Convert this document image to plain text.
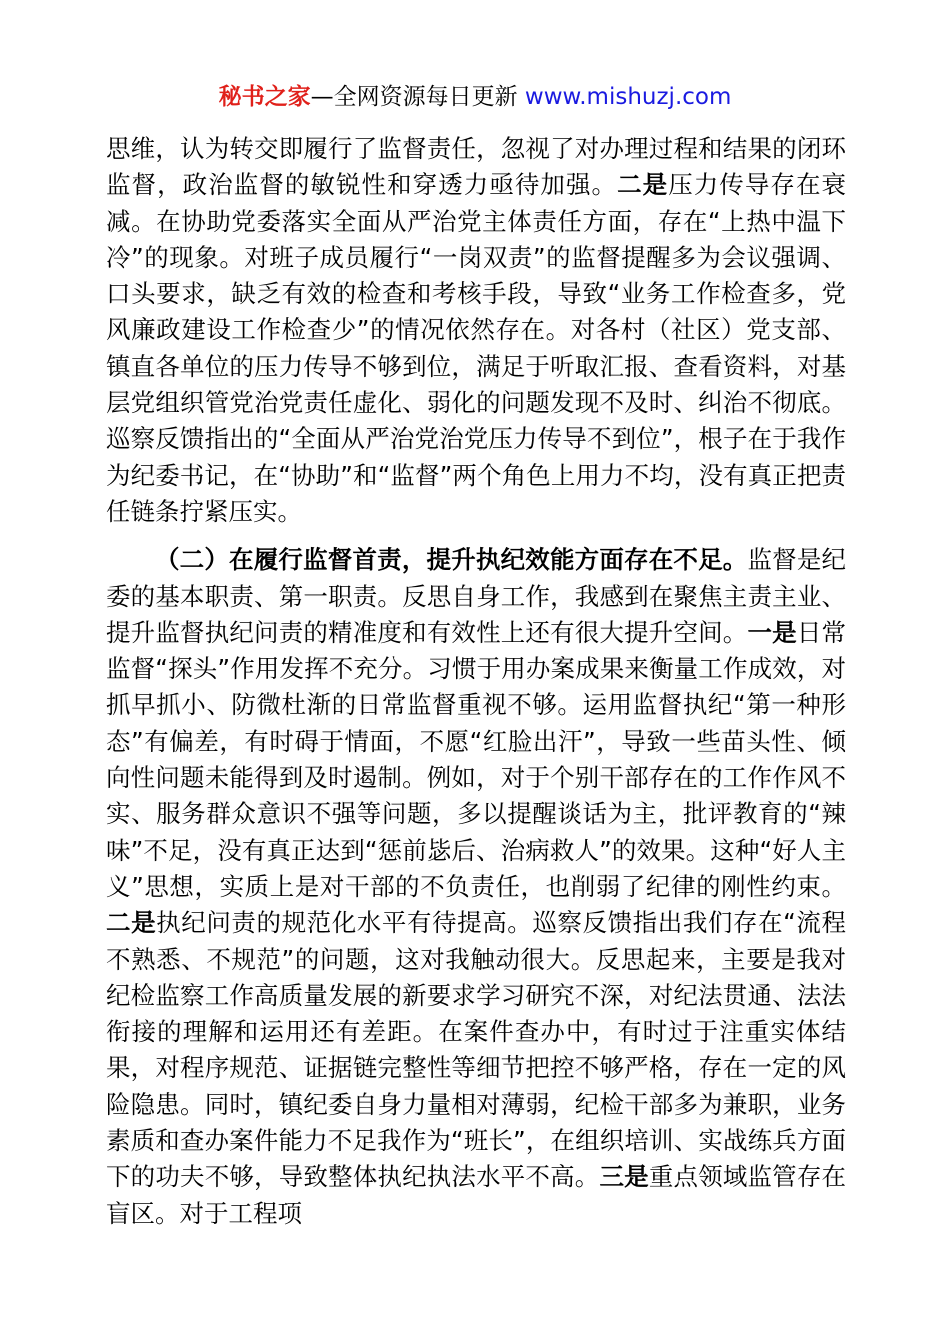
秘书之家—全网资源每日更新 www.mishuzj.com

思维，认为转交即履行了监督责任，忽视了对办理过程和结果的闭环监督，政治监督的敏锐性和穿透力亟待加强。二是压力传导存在衰减。在协助党委落实全面从严治党主体责任方面，存在“上热中温下冷”的现象。对班子成员履行“一岗双责”的监督提醒多为会议强调、口头要求，缺乏有效的检查和考核手段，导致“业务工作检查多，党风廉政建设工作检查少”的情况依然存在。对各村（社区）党支部、镇直各单位的压力传导不够到位，满足于听取汇报、查看资料，对基层党组织管党治党责任虚化、弱化的问题发现不及时、纠治不彻底。巡察反馈指出的“全面从严治党治党压力传导不到位”，根子在于我作为纪委书记，在“协助”和“监督”两个角色上用力不均，没有真正把责任链条拧紧压实。

（二）在履行监督首责，提升执纪效能方面存在不足。监督是纪委的基本职责、第一职责。反思自身工作，我感到在聚焦主责主业、提升监督执纪问责的精准度和有效性上还有很大提升空间。一是日常监督“探头”作用发挥不充分。习惯于用办案成果来衡量工作成效，对抓早抓小、防微杜渐的日常监督重视不够。运用监督执纪“第一种形态”有偏差，有时碍于情面，不愿“红脸出汗”，导致一些苗头性、倾向性问题未能得到及时遏制。例如，对于个别干部存在的工作作风不实、服务群众意识不强等问题，多以提醒谈话为主，批评教育的“辣味”不足，没有真正达到“惩前毖后、治病救人”的效果。这种“好人主义”思想，实质上是对干部的不负责任，也削弱了纪律的刚性约束。二是执纪问责的规范化水平有待提高。巡察反馈指出我们存在“流程不熟悉、不规范”的问题，这对我触动很大。反思起来，主要是我对纪检监察工作高质量发展的新要求学习研究不深，对纪法贯通、法法衔接的理解和运用还有差距。在案件查办中，有时过于注重实体结果，对程序规范、证据链完整性等细节把控不够严格，存在一定的风险隐患。同时，镇纪委自身力量相对薄弱，纪检干部多为兼职，业务素质和查办案件能力不足我作为“班长”，在组织培训、实战练兵方面下的功夫不够，导致整体执纪执法水平不高。三是重点领域监管存在盲区。对于工程项
